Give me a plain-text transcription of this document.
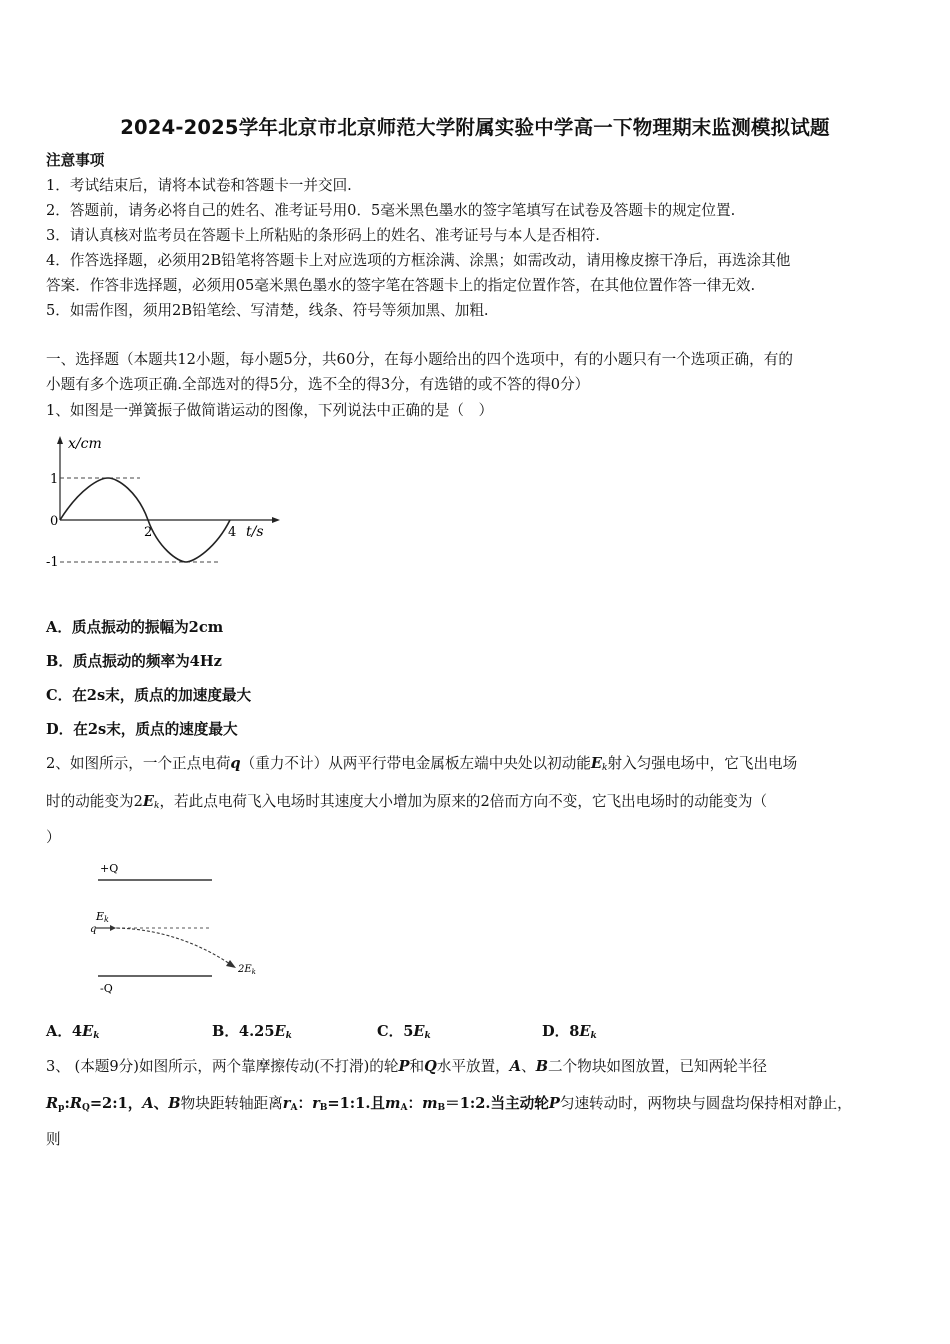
2024-2025学年北京市北京师范大学附属实验中学高一下物理期末监测模拟试题
注意事项
1．考试结束后，请将本试卷和答题卡一并交回.
2．答题前，请务必将自己的姓名、准考证号用0．5毫米黑色墨水的签字笔填写在试卷及答题卡的规定位置.
3．请认真核对监考员在答题卡上所粘贴的条形码上的姓名、准考证号与本人是否相符.
4．作答选择题，必须用2B铅笔将答题卡上对应选项的方框涂满、涂黑；如需改动，请用橡皮擦干净后，再选涂其他
答案．作答非选择题，必须用05毫米黑色墨水的签字笔在答题卡上的指定位置作答，在其他位置作答一律无效.
5．如需作图，须用2B铅笔绘、写清楚，线条、符号等须加黑、加粗.
一、选择题（本题共12小题，每小题5分，共60分，在每小题给出的四个选项中，有的小题只有一个选项正确，有的
小题有多个选项正确.全部选对的得5分，选不全的得3分，有选错的或不答的得0分）
1、如图是一弹簧振子做简谐运动的图像，下列说法中正确的是（　）
x/cm
t/s
1
0
-1
2	4
A．质点振动的振幅为2cm
B．质点振动的频率为4Hz
C．在2s末，质点的加速度最大
D．在2s末，质点的速度最大
2、如图所示，一个正点电荷q（重力不计）从两平行带电金属板左端中央处以初动能$E_k$射入匀强电场中，它飞出电场
时的动能变为$2E_k$，若此点电荷飞入电场时其速度大小增加为原来的2倍而方向不变，它飞出电场时的动能变为（
）
+Q
-Q
Ek
q
$2E_k$
A．$4E_k$	B．$4.25E_k$	C．$5E_k$	D．$8E_k$
3、 (本题9分)如图所示，两个靠摩擦传动(不打滑)的轮P和Q水平放置，A、B二个物块如图放置，已知两轮半径
$R_p:R_Q=2:1$，A、B物块距转轴距离$r_A$：$r_B=1:1$.且$m_A$：$m_B=1:2$.当主动轮P匀速转动时，两物块与圆盘均保持相对静止，
则
